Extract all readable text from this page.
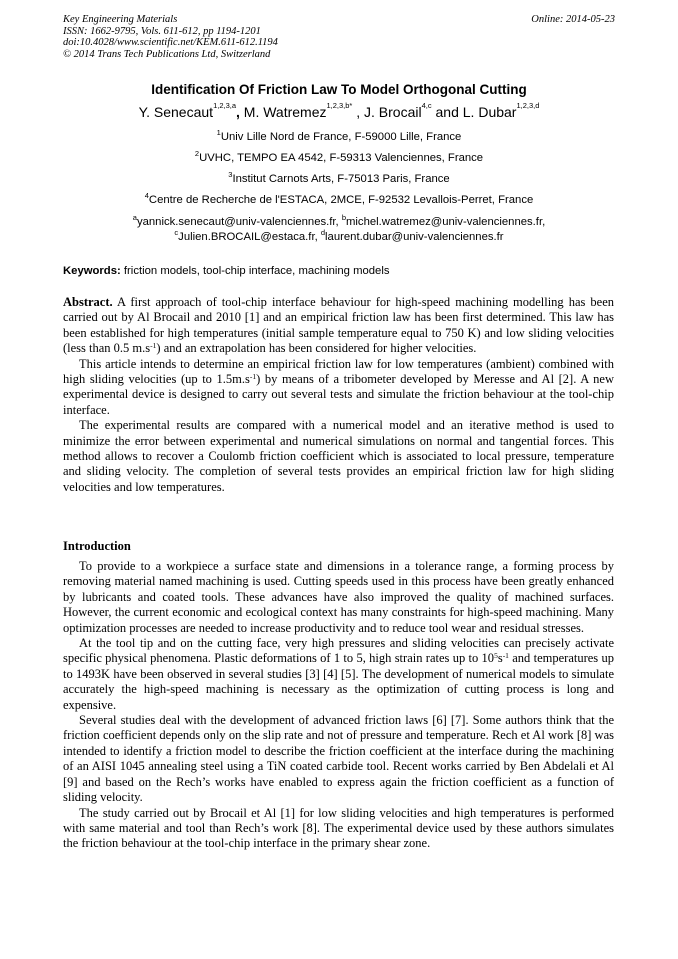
Key Engineering Materials
ISSN: 1662-9795, Vols. 611-612, pp 1194-1201
doi:10.4028/www.scientific.net/KEM.611-612.1194
© 2014 Trans Tech Publications Ltd, Switzerland
Online: 2014-05-23
Identification Of Friction Law To Model Orthogonal Cutting
Y. Senecaut$^{1,2,3,a}$, M. Watremez$^{1,2,3,b*}$ , J. Brocail$^{4,c}$ and L. Dubar$^{1,2,3,d}$
$^1$Univ Lille Nord de France, F-59000 Lille, France
$^2$UVHC, TEMPO EA 4542, F-59313 Valenciennes, France
$^3$Institut Carnots Arts, F-75013 Paris, France
$^4$Centre de Recherche de l'ESTACA, 2MCE, F-92532 Levallois-Perret, France
$^a$yannick.senecaut@univ-valenciennes.fr, $^b$michel.watremez@univ-valenciennes.fr,
$^c$Julien.BROCAIL@estaca.fr, $^d$laurent.dubar@univ-valenciennes.fr
Keywords: friction models, tool-chip interface, machining models

Abstract. A first approach of tool-chip interface behaviour for high-speed machining modelling has been carried out by Al Brocail and 2010 [1] and an empirical friction law has been first determined. This law has been established for high temperatures (initial sample temperature equal to 750 K) and low sliding velocities (less than 0.5 $m.s^{-1}$) and an extrapolation has been considered for higher velocities.

This article intends to determine an empirical friction law for low temperatures (ambient) combined with high sliding velocities (up to $1.5m.s^{-1}$) by means of a tribometer developed by Meresse and Al [2]. A new experimental device is designed to carry out several tests and simulate the friction behaviour at the tool-chip interface.

The experimental results are compared with a numerical model and an iterative method is used to minimize the error between experimental and numerical simulations on normal and tangential forces. This method allows to recover a Coulomb friction coefficient which is associated to local pressure, temperature and sliding velocity. The completion of several tests provides an empirical friction law for high sliding velocities and low temperatures.

Introduction

To provide to a workpiece a surface state and dimensions in a tolerance range, a forming process by removing material named machining is used. Cutting speeds used in this process have been greatly enhanced by lubricants and coated tools. These advances have also improved the quality of machined surfaces. However, the current economic and ecological context has many constraints for high-speed machining. Many optimization processes are needed to increase productivity and to reduce tool wear and residual stresses.

At the tool tip and on the cutting face, very high pressures and sliding velocities can precisely activate specific physical phenomena. Plastic deformations of 1 to 5, high strain rates up to $10^5s^{-1}$ and temperatures up to 1493K have been observed in several studies [3] [4] [5]. The development of numerical models to simulate accurately the high-speed machining is necessary as the optimization of cutting process is long and expensive.

Several studies deal with the development of advanced friction laws [6] [7]. Some authors think that the friction coefficient depends only on the slip rate and not of pressure and temperature. Rech et Al work [8] was intended to identify a friction model to describe the friction coefficient at the interface during the machining of an AISI 1045 annealing steel using a TiN coated carbide tool. Recent works carried by Ben Abdelali et Al [9] and based on the Rech’s works have enabled to express again the friction coefficient as a function of sliding velocity.

The study carried out by Brocail et Al [1] for low sliding velocities and high temperatures is performed with same material and tool than Rech’s work [8]. The experimental device used by these authors simulates the friction behaviour at the tool-chip interface in the primary shear zone.
